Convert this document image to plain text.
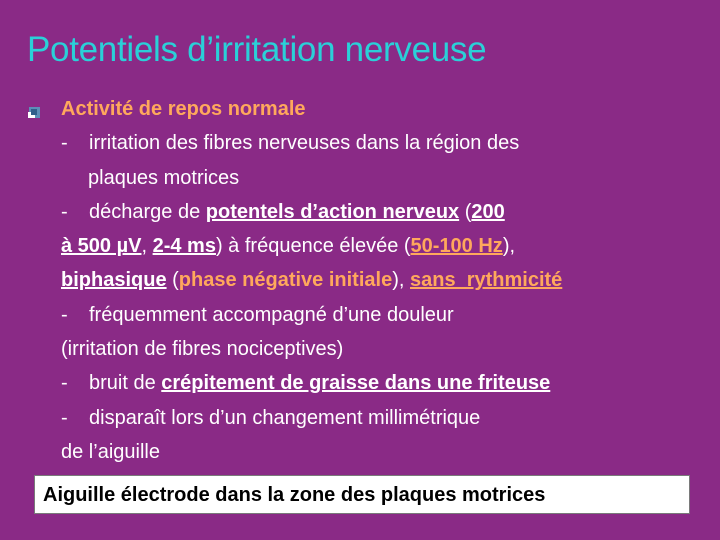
Potentiels d’irritation nerveuse
Activité de repos normale
- irritation des fibres nerveuses dans la région des
plaques motrices
- décharge de potentels d’action nerveux (200
à 500 µV, 2-4 ms) à fréquence élevée (50-100 Hz),
biphasique (phase négative initiale), sans  rythmicité
- fréquemment accompagné d’une douleur
(irritation de fibres nociceptives)
- bruit de crépitement de graisse dans une friteuse
- disparaît lors d’un changement millimétrique
de l’aiguille
Aiguille électrode dans la zone des plaques motrices
